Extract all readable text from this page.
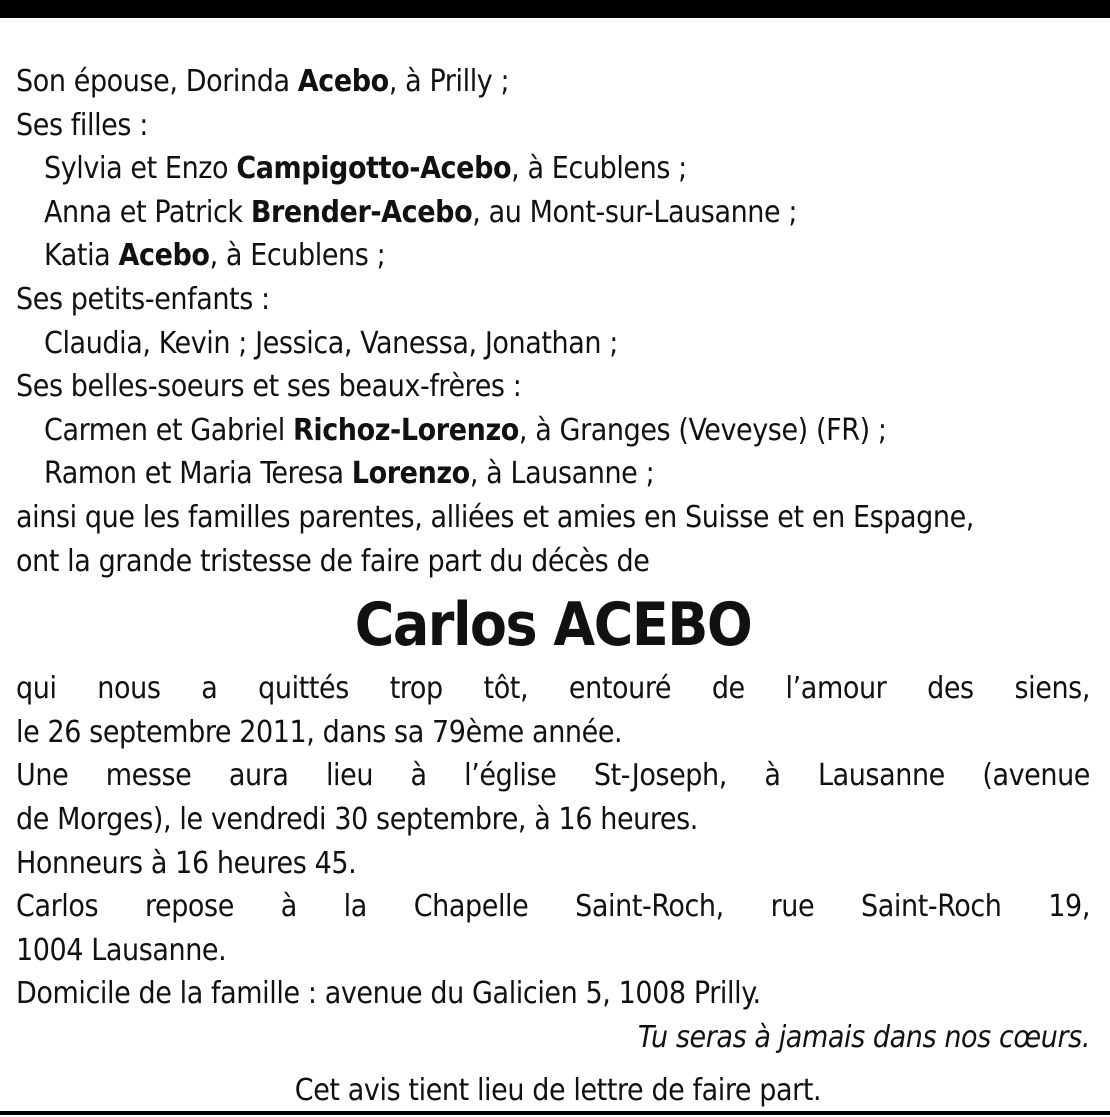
Son épouse, Dorinda Acebo, à Prilly ;
Ses filles :
Sylvia et Enzo Campigotto-Acebo, à Ecublens ;
Anna et Patrick Brender-Acebo, au Mont-sur-Lausanne ;
Katia Acebo, à Ecublens ;
Ses petits-enfants :
Claudia, Kevin ; Jessica, Vanessa, Jonathan ;
Ses belles-soeurs et ses beaux-frères :
Carmen et Gabriel Richoz-Lorenzo, à Granges (Veveyse) (FR) ;
Ramon et Maria Teresa Lorenzo, à Lausanne ;
ainsi que les familles parentes, alliées et amies en Suisse et en Espagne,
ont la grande tristesse de faire part du décès de
Carlos ACEBO
qui nous a quittés trop tôt, entouré de l’amour des siens,
le 26 septembre 2011, dans sa 79ème année.
Une messe aura lieu à l’église St-Joseph, à Lausanne (avenue
de Morges), le vendredi 30 septembre, à 16 heures.
Honneurs à 16 heures 45.
Carlos repose à la Chapelle Saint-Roch, rue Saint-Roch 19,
1004 Lausanne.
Domicile de la famille : avenue du Galicien 5, 1008 Prilly.
Tu seras à jamais dans nos cœurs.
Cet avis tient lieu de lettre de faire part.
